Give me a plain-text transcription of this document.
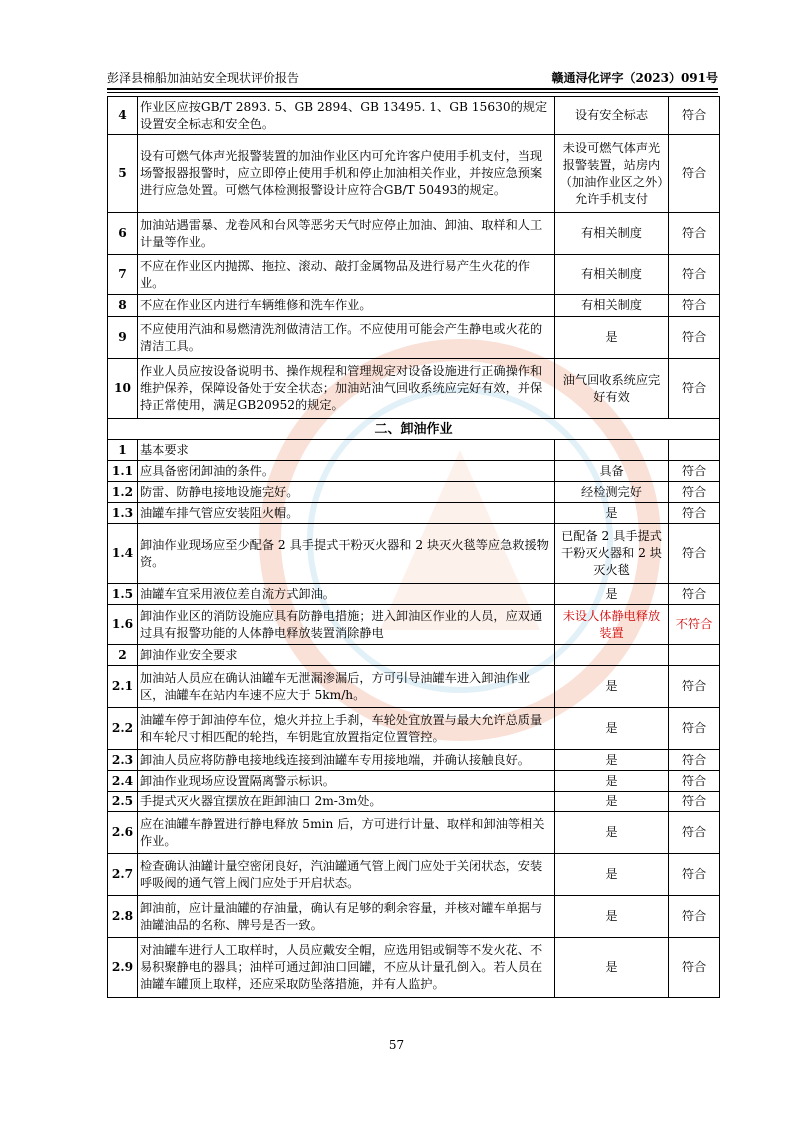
彭泽县棉船加油站安全现状评价报告	赣通浔化评字（2023）091号
4	作业区应按GB/T 2893. 5、GB 2894、GB 13495. 1、GB 15630的规定设置安全标志和安全色。	设有安全标志	符合
5	设有可燃气体声光报警装置的加油作业区内可允许客户使用手机支付，当现场警报器报警时，应立即停止使用手机和停止加油相关作业，并按应急预案进行应急处置。可燃气体检测报警设计应符合GB/T 50493的规定。	未设可燃气体声光报警装置，站房内（加油作业区之外）允许手机支付	符合
6	加油站遇雷暴、龙卷风和台风等恶劣天气时应停止加油、卸油、取样和人工计量等作业。	有相关制度	符合
7	不应在作业区内抛掷、拖拉、滚动、敲打金属物品及进行易产生火花的作业。	有相关制度	符合
8	不应在作业区内进行车辆维修和洗车作业。	有相关制度	符合
9	不应使用汽油和易燃清洗剂做清洁工作。不应使用可能会产生静电或火花的清洁工具。	是	符合
10	作业人员应按设备说明书、操作规程和管理规定对设备设施进行正确操作和维护保养，保障设备处于安全状态；加油站油气回收系统应完好有效，并保持正常使用，满足GB20952的规定。	油气回收系统应完好有效	符合
二、卸油作业			
1	基本要求		
1.1	应具备密闭卸油的条件。	具备	符合
1.2	防雷、防静电接地设施完好。	经检测完好	符合
1.3	油罐车排气管应安装阻火帽。	是	符合
1.4	卸油作业现场应至少配备 2 具手提式干粉灭火器和 2 块灭火毯等应急救援物资。	已配备 2 具手提式干粉灭火器和 2 块灭火毯	符合
1.5	油罐车宜采用液位差自流方式卸油。	是	符合
1.6	卸油作业区的消防设施应具有防静电措施；进入卸油区作业的人员，应双通过具有报警功能的人体静电释放装置消除静电	未设人体静电释放装置	不符合
2	卸油作业安全要求		
2.1	加油站人员应在确认油罐车无泄漏渗漏后，方可引导油罐车进入卸油作业区，油罐车在站内车速不应大于 5km/h。	是	符合
2.2	油罐车停于卸油停车位，熄火并拉上手刹，车轮处宜放置与最大允许总质量和车轮尺寸相匹配的轮挡，车钥匙宜放置指定位置管控。	是	符合
2.3	卸油人员应将防静电接地线连接到油罐车专用接地端，并确认接触良好。	是	符合
2.4	卸油作业现场应设置隔离警示标识。	是	符合
2.5	手提式灭火器宜摆放在距卸油口 2m-3m处。	是	符合
2.6	应在油罐车静置进行静电释放 5min 后，方可进行计量、取样和卸油等相关作业。	是	符合
2.7	检查确认油罐计量空密闭良好，汽油罐通气管上阀门应处于关闭状态，安装呼吸阀的通气管上阀门应处于开启状态。	是	符合
2.8	卸油前，应计量油罐的存油量，确认有足够的剩余容量，并核对罐车单据与油罐油品的名称、牌号是否一致。	是	符合
2.9	对油罐车进行人工取样时，人员应戴安全帽，应选用铝或铜等不发火花、不易积聚静电的器具；油样可通过卸油口回罐，不应从计量孔倒入。若人员在油罐车罐顶上取样，还应采取防坠落措施，并有人监护。	是	符合
57
